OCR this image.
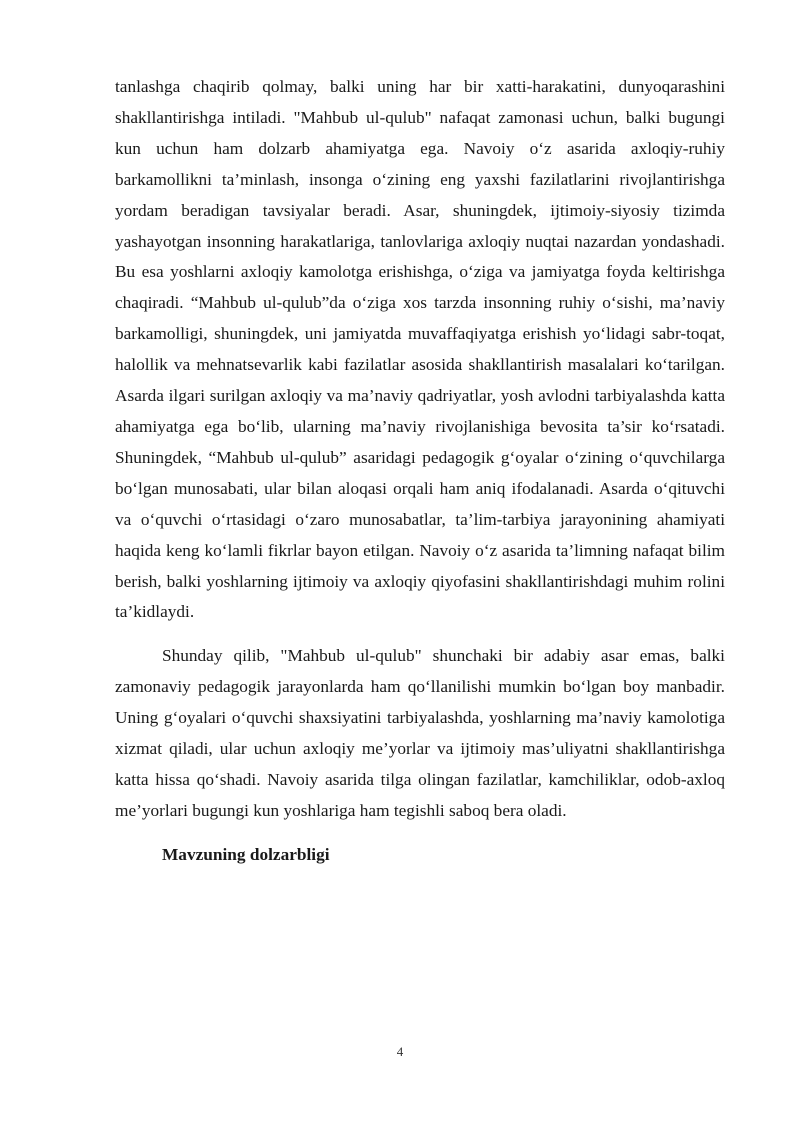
tanlashga chaqirib qolmay, balki uning har bir xatti-harakatini, dunyoqarashini shakllantirishga intiladi. "Mahbub ul-qulub" nafaqat zamonasi uchun, balki bugungi kun uchun ham dolzarb ahamiyatga ega. Navoiy o‘z asarida axloqiy-ruhiy barkamollikni ta’minlash, insonga o‘zining eng yaxshi fazilatlarini rivojlantirishga yordam beradigan tavsiyalar beradi. Asar, shuningdek, ijtimoiy-siyosiy tizimda yashayotgan insonning harakatlariga, tanlovlariga axloqiy nuqtai nazardan yondashadi. Bu esa yoshlarni axloqiy kamolotga erishishga, o‘ziga va jamiyatga foyda keltirishga chaqiradi. “Mahbub ul-qulub”da o‘ziga xos tarzda insonning ruhiy o‘sishi, ma’naviy barkamolligi, shuningdek, uni jamiyatda muvaffaqiyatga erishish yo‘lidagi sabr-toqat, halollik va mehnatsevarlik kabi fazilatlar asosida shakllantirish masalalari ko‘tarilgan. Asarda ilgari surilgan axloqiy va ma’naviy qadriyatlar, yosh avlodni tarbiyalashda katta ahamiyatga ega bo‘lib, ularning ma’naviy rivojlanishiga bevosita ta’sir ko‘rsatadi. Shuningdek, “Mahbub ul-qulub” asaridagi pedagogik g‘oyalar o‘zining o‘quvchilarga bo‘lgan munosabati, ular bilan aloqasi orqali ham aniq ifodalanadi. Asarda o‘qituvchi va o‘quvchi o‘rtasidagi o‘zaro munosabatlar, ta’lim-tarbiya jarayonining ahamiyati haqida keng ko‘lamli fikrlar bayon etilgan. Navoiy o‘z asarida ta’limning nafaqat bilim berish, balki yoshlarning ijtimoiy va axloqiy qiyofasini shakllantirishdagi muhim rolini ta’kidlaydi.

Shunday qilib, "Mahbub ul-qulub" shunchaki bir adabiy asar emas, balki zamonaviy pedagogik jarayonlarda ham qo‘llanilishi mumkin bo‘lgan boy manbadir. Uning g‘oyalari o‘quvchi shaxsiyatini tarbiyalashda, yoshlarning ma’naviy kamolotiga xizmat qiladi, ular uchun axloqiy me’yorlar va ijtimoiy mas’uliyatni shakllantirishga katta hissa qo‘shadi. Navoiy asarida tilga olingan fazilatlar, kamchiliklar, odob-axloq me’yorlari bugungi kun yoshlariga ham tegishli saboq bera oladi.

Mavzuning dolzarbligi

4
